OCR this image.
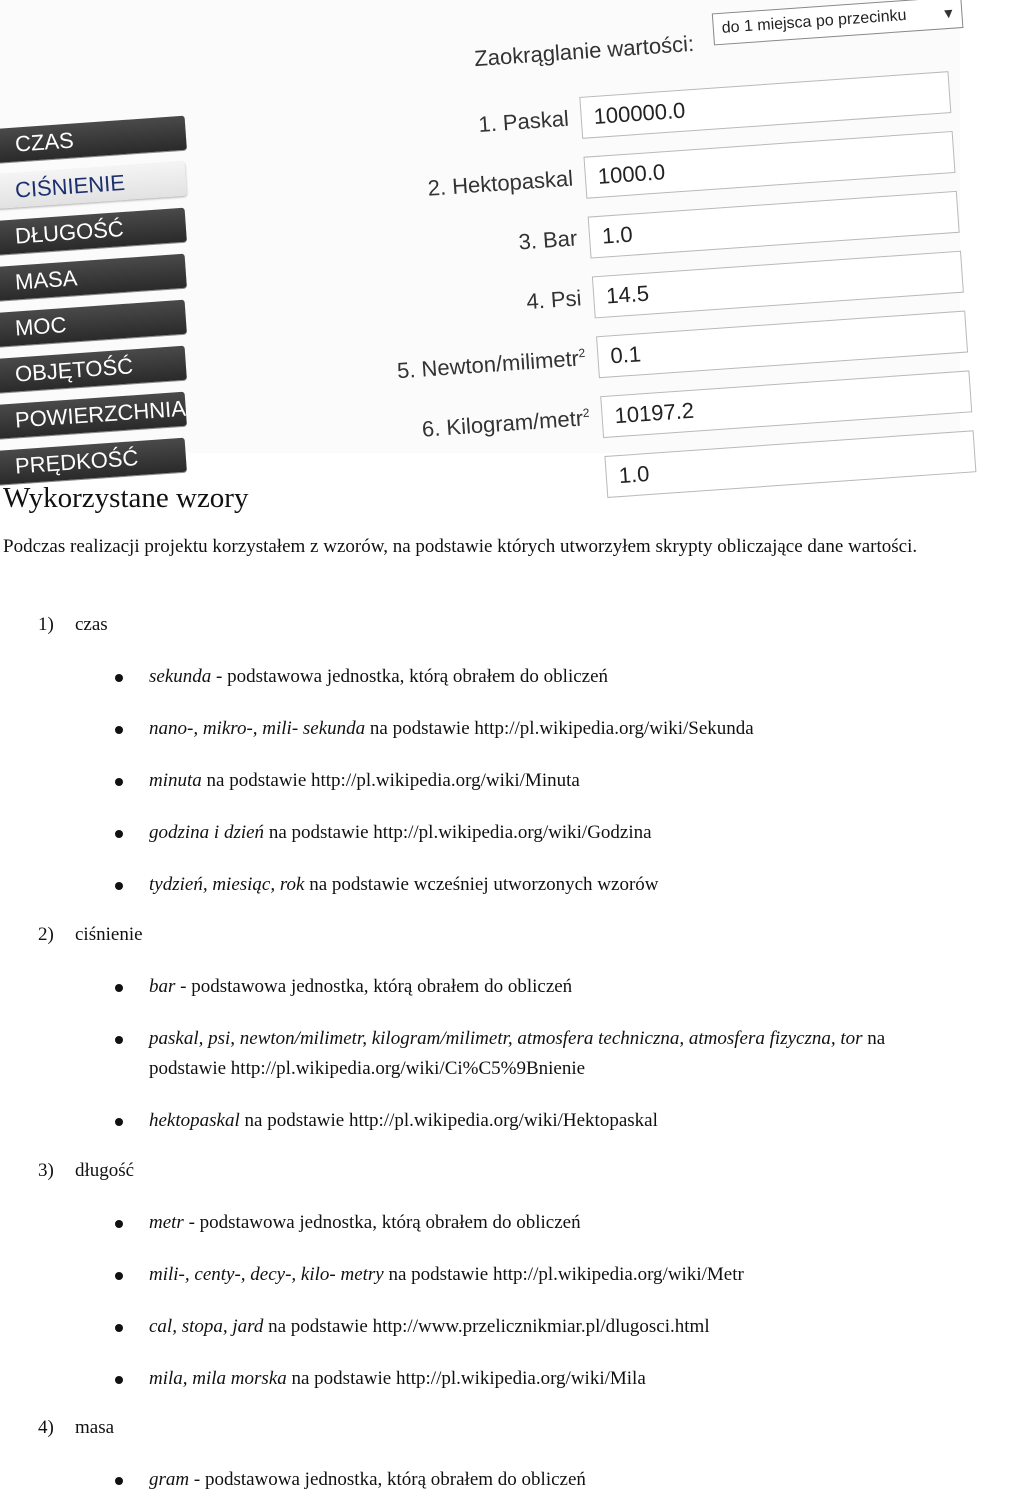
CZAS
CIŚNIENIE
DŁUGOŚĆ
MASA
MOC
OBJĘTOŚĆ
POWIERZCHNIA
PRĘDKOŚĆ
Zaokrąglanie wartości:
do 1 miejsca po przecinku ▼
1. Paskal	100000.0
2. Hektopaskal	1000.0
3. Bar	1.0
4. Psi	14.5
5. Newton/milimetr$^2$	0.1
6. Kilogram/metr$^2$	10197.2
1.0
Wykorzystane wzory

Podczas realizacji projektu korzystałem z wzorów, na podstawie których utworzyłem skrypty obliczające dane wartości.

1) czas
sekunda - podstawowa jednostka, którą obrałem do obliczeń
nano-, mikro-, mili- sekunda na podstawie http://pl.wikipedia.org/wiki/Sekunda
minuta na podstawie http://pl.wikipedia.org/wiki/Minuta
godzina i dzień na podstawie http://pl.wikipedia.org/wiki/Godzina
tydzień, miesiąc, rok na podstawie wcześniej utworzonych wzorów
2) ciśnienie
bar - podstawowa jednostka, którą obrałem do obliczeń
paskal, psi, newton/milimetr, kilogram/milimetr, atmosfera techniczna, atmosfera fizyczna, tor na podstawie http://pl.wikipedia.org/wiki/Ci%C5%9Bnienie
hektopaskal na podstawie http://pl.wikipedia.org/wiki/Hektopaskal
3) długość
metr - podstawowa jednostka, którą obrałem do obliczeń
mili-, centy-, decy-, kilo- metry na podstawie http://pl.wikipedia.org/wiki/Metr
cal, stopa, jard na podstawie http://www.przelicznikmiar.pl/dlugosci.html
mila, mila morska na podstawie http://pl.wikipedia.org/wiki/Mila
4) masa
gram - podstawowa jednostka, którą obrałem do obliczeń
